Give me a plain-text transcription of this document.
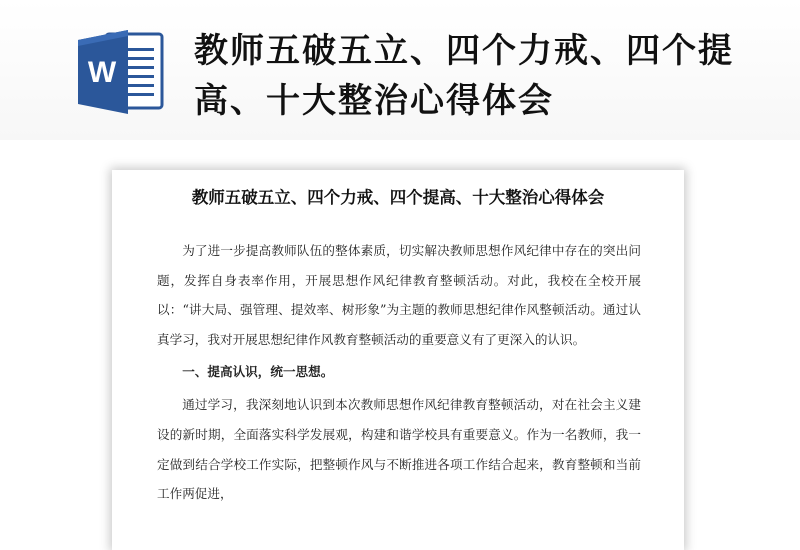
W
教师五破五立、四个力戒、四个提高、十大整治心得体会
教师五破五立、四个力戒、四个提高、十大整治心得体会

为了进一步提高教师队伍的整体素质，切实解决教师思想作风纪律中存在的突出问题，发挥自身表率作用，开展思想作风纪律教育整顿活动。对此，我校在全校开展以：“讲大局、强管理、提效率、树形象”为主题的教师思想纪律作风整顿活动。通过认真学习，我对开展思想纪律作风教育整顿活动的重要意义有了更深入的认识。

一、提高认识，统一思想。

通过学习，我深刻地认识到本次教师思想作风纪律教育整顿活动，对在社会主义建设的新时期，全面落实科学发展观，构建和谐学校具有重要意义。作为一名教师，我一定做到结合学校工作实际，把整顿作风与不断推进各项工作结合起来，教育整顿和当前工作两促进，
